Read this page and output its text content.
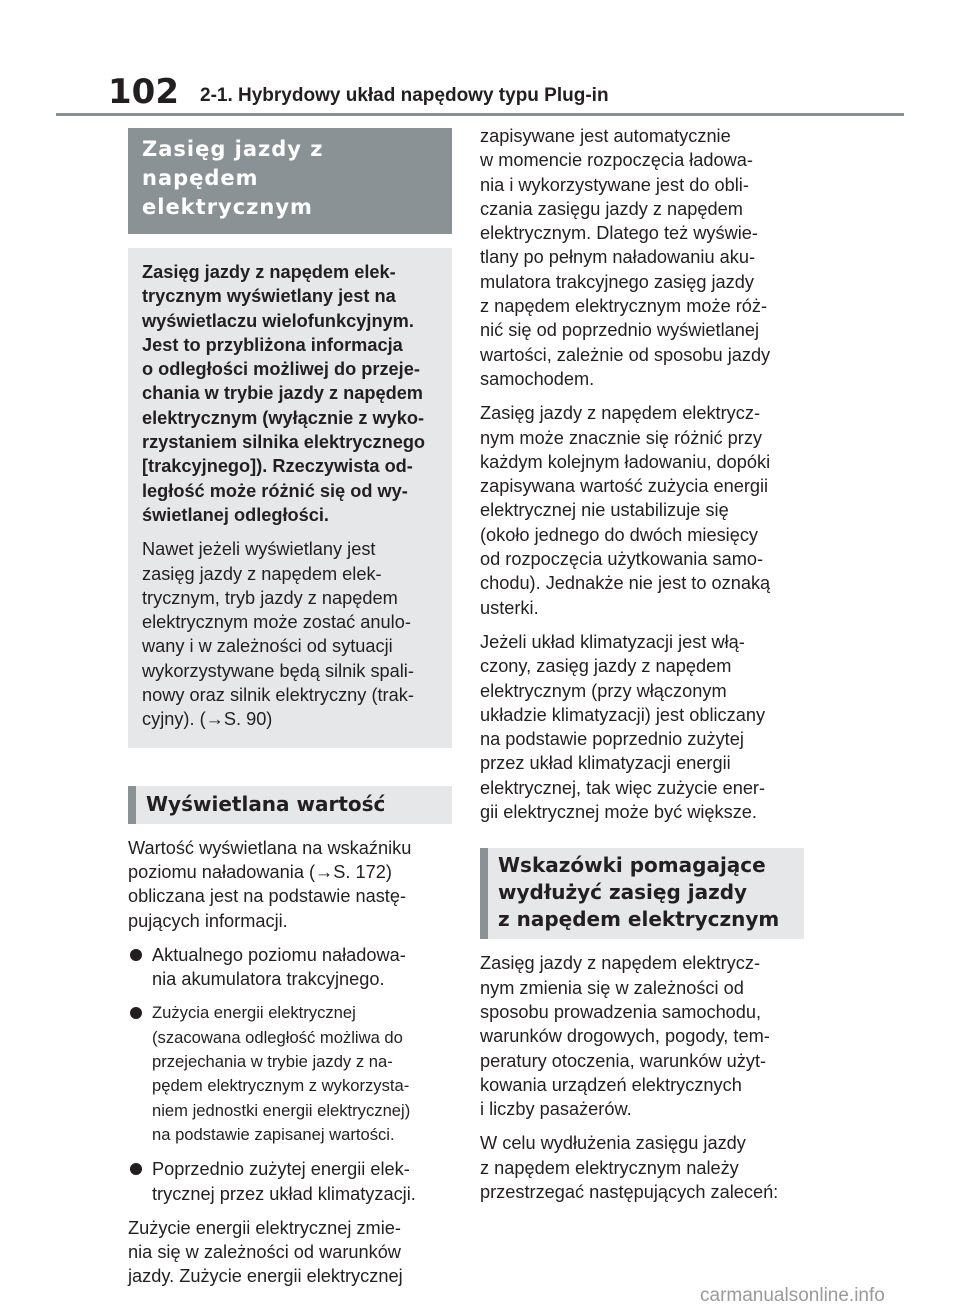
102 2-1. Hybrydowy układ napędowy typu Plug-in
Zasięg jazdy z napędem
elektrycznym

Zasięg jazdy z napędem elek-
trycznym wyświetlany jest na
wyświetlaczu wielofunkcyjnym.
Jest to przybliżona informacja
o odległości możliwej do przeje-
chania w trybie jazdy z napędem
elektrycznym (wyłącznie z wyko-
rzystaniem silnika elektrycznego
[trakcyjnego]). Rzeczywista od-
ległość może różnić się od wy-
świetlanej odległości.

Nawet jeżeli wyświetlany jest
zasięg jazdy z napędem elek-
trycznym, tryb jazdy z napędem
elektrycznym może zostać anulo-
wany i w zależności od sytuacji
wykorzystywane będą silnik spali-
nowy oraz silnik elektryczny (trak-
cyjny). (→S. 90)

Wyświetlana wartość

Wartość wyświetlana na wskaźniku
poziomu naładowania (→S. 172)
obliczana jest na podstawie nastę-
pujących informacji.

Aktualnego poziomu naładowa-
nia akumulatora trakcyjnego.
Zużycia energii elektrycznej
(szacowana odległość możliwa do
przejechania w trybie jazdy z na-
pędem elektrycznym z wykorzysta-
niem jednostki energii elektrycznej)
na podstawie zapisanej wartości.
Poprzednio zużytej energii elek-
trycznej przez układ klimatyzacji.

Zużycie energii elektrycznej zmie-
nia się w zależności od warunków
jazdy. Zużycie energii elektrycznej

zapisywane jest automatycznie
w momencie rozpoczęcia ładowa-
nia i wykorzystywane jest do obli-
czania zasięgu jazdy z napędem
elektrycznym. Dlatego też wyświe-
tlany po pełnym naładowaniu aku-
mulatora trakcyjnego zasięg jazdy
z napędem elektrycznym może róż-
nić się od poprzednio wyświetlanej
wartości, zależnie od sposobu jazdy
samochodem.

Zasięg jazdy z napędem elektrycz-
nym może znacznie się różnić przy
każdym kolejnym ładowaniu, dopóki
zapisywana wartość zużycia energii
elektrycznej nie ustabilizuje się
(około jednego do dwóch miesięcy
od rozpoczęcia użytkowania samo-
chodu). Jednakże nie jest to oznaką
usterki.

Jeżeli układ klimatyzacji jest włą-
czony, zasięg jazdy z napędem
elektrycznym (przy włączonym
układzie klimatyzacji) jest obliczany
na podstawie poprzednio zużytej
przez układ klimatyzacji energii
elektrycznej, tak więc zużycie ener-
gii elektrycznej może być większe.

Wskazówki pomagające
wydłużyć zasięg jazdy
z napędem elektrycznym

Zasięg jazdy z napędem elektrycz-
nym zmienia się w zależności od
sposobu prowadzenia samochodu,
warunków drogowych, pogody, tem-
peratury otoczenia, warunków użyt-
kowania urządzeń elektrycznych
i liczby pasażerów.

W celu wydłużenia zasięgu jazdy
z napędem elektrycznym należy
przestrzegać następujących zaleceń:

carmanualsonline.info
